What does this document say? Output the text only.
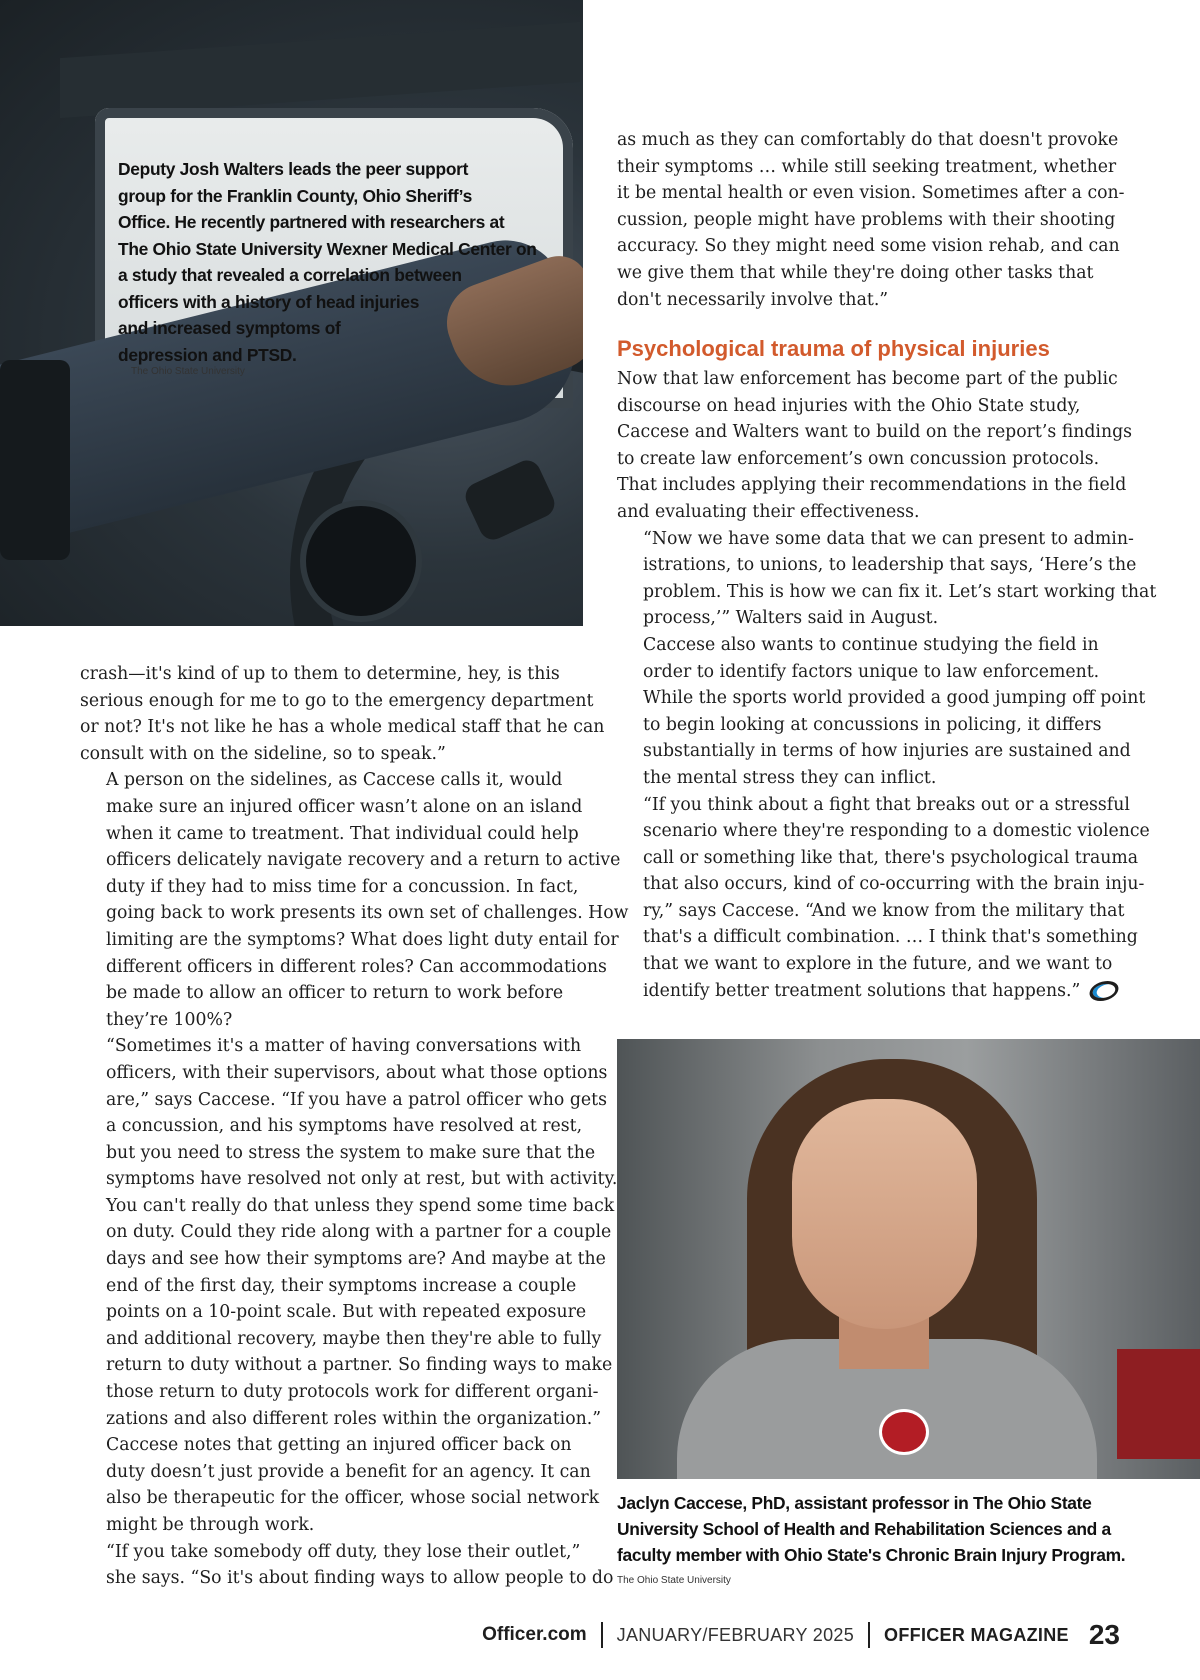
Deputy Josh Walters leads the peer support
group for the Franklin County, Ohio Sheriff’s
Office. He recently partnered with researchers at
The Ohio State University Wexner Medical Center on
a study that revealed a correlation between
officers with a history of head injuries
and increased symptoms of
depression and PTSD.
The Ohio State University

crash—it's kind of up to them to determine, hey, is this
serious enough for me to go to the emergency department
or not? It's not like he has a whole medical staff that he can
consult with on the sideline, so to speak.”

A person on the sidelines, as Caccese calls it, would
make sure an injured officer wasn’t alone on an island
when it came to treatment. That individual could help
officers delicately navigate recovery and a return to active
duty if they had to miss time for a concussion. In fact,
going back to work presents its own set of challenges. How
limiting are the symptoms? What does light duty entail for
different officers in different roles? Can accommodations
be made to allow an officer to return to work before
they’re 100%?

“Sometimes it's a matter of having conversations with
officers, with their supervisors, about what those options
are,” says Caccese. “If you have a patrol officer who gets
a concussion, and his symptoms have resolved at rest,
but you need to stress the system to make sure that the
symptoms have resolved not only at rest, but with activity.
You can't really do that unless they spend some time back
on duty. Could they ride along with a partner for a couple
days and see how their symptoms are? And maybe at the
end of the first day, their symptoms increase a couple
points on a 10-point scale. But with repeated exposure
and additional recovery, maybe then they're able to fully
return to duty without a partner. So finding ways to make
those return to duty protocols work for different organi-
zations and also different roles within the organization.”

Caccese notes that getting an injured officer back on
duty doesn’t just provide a benefit for an agency. It can
also be therapeutic for the officer, whose social network
might be through work.

“If you take somebody off duty, they lose their outlet,”
she says. “So it's about finding ways to allow people to do

as much as they can comfortably do that doesn't provoke
their symptoms … while still seeking treatment, whether
it be mental health or even vision. Sometimes after a con-
cussion, people might have problems with their shooting
accuracy. So they might need some vision rehab, and can
we give them that while they're doing other tasks that
don't necessarily involve that.”

Psychological trauma of physical injuries

Now that law enforcement has become part of the public
discourse on head injuries with the Ohio State study,
Caccese and Walters want to build on the report’s findings
to create law enforcement’s own concussion protocols.
That includes applying their recommendations in the field
and evaluating their effectiveness.

“Now we have some data that we can present to admin-
istrations, to unions, to leadership that says, ‘Here’s the
problem. This is how we can fix it. Let’s start working that
process,’” Walters said in August.

Caccese also wants to continue studying the field in
order to identify factors unique to law enforcement.
While the sports world provided a good jumping off point
to begin looking at concussions in policing, it differs
substantially in terms of how injuries are sustained and
the mental stress they can inflict.

“If you think about a fight that breaks out or a stressful
scenario where they're responding to a domestic violence
call or something like that, there's psychological trauma
that also occurs, kind of co-occurring with the brain inju-
ry,” says Caccese. “And we know from the military that
that's a difficult combination. … I think that's something
that we want to explore in the future, and we want to
identify better treatment solutions that happens.”

Jaclyn Caccese, PhD, assistant professor in The Ohio State
University School of Health and Rehabilitation Sciences and a
faculty member with Ohio State's Chronic Brain Injury Program.
The Ohio State University
Officer.com JANUARY/FEBRUARY 2025 OFFICER MAGAZINE 23
